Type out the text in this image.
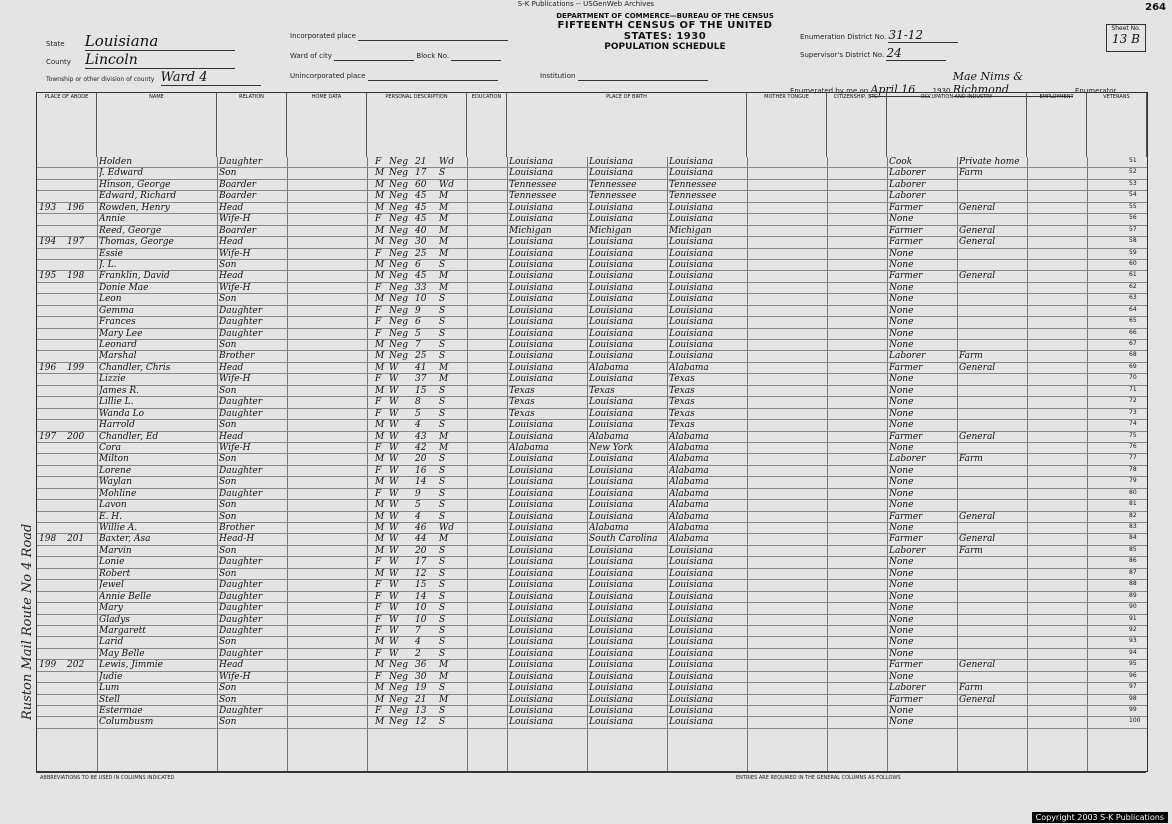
S-K Publications -- USGenWeb Archives	264
State Louisiana
County Lincoln
Township or other division of county Ward 4
Incorporated place
Ward of city	Block No.
Unincorporated place	Institution
DEPARTMENT OF COMMERCE—BUREAU OF THE CENSUS
FIFTEENTH CENSUS OF THE UNITED STATES: 1930
POPULATION SCHEDULE
Enumeration District No. 31-12
Supervisor's District No. 24
Enumerated by me on April 16 1930 Mae Nims & Richmond	Enumerator.
Sheet No.
13 B
PLACE OF ABODE	NAME	RELATION	HOME DATA	PERSONAL DESCRIPTION	EDUCATION	PLACE OF BIRTH	MOTHER TONGUE	CITIZENSHIP, ETC.	OCCUPATION AND INDUSTRY	EMPLOYMENT	VETERANS
51
Holden	Daughter	F Neg 21	Wd	Louisiana	Louisiana	Louisiana	Cook	Private home
52
J. Edward	Son	M Neg 17	S	Louisiana	Louisiana	Louisiana	Laborer	Farm
53
Hinson, George	Boarder	M Neg 60	Wd	Tennessee	Tennessee	Tennessee	Laborer
54
Edward, Richard	Boarder	M Neg 45	M	Tennessee	Tennessee	Tennessee	Laborer
55
193	196	Rowden, Henry	Head	M Neg 45	M	Louisiana	Louisiana	Louisiana	Farmer	General
56
Annie	Wife-H	F Neg 45	M	Louisiana	Louisiana	Louisiana	None
57
Reed, George	Boarder	M Neg 40	M	Michigan	Michigan	Michigan	Farmer	General
58
194	197	Thomas, George	Head	M Neg 30	M	Louisiana	Louisiana	Louisiana	Farmer	General
59
Essie	Wife-H	F Neg 25	M	Louisiana	Louisiana	Louisiana	None
60
J. L.	Son	M Neg 6	S	Louisiana	Louisiana	Louisiana	None
61
195	198	Franklin, David	Head	M Neg 45	M	Louisiana	Louisiana	Louisiana	Farmer	General
62
Donie Mae	Wife-H	F Neg 33	M	Louisiana	Louisiana	Louisiana	None
63
Leon	Son	M Neg 10	S	Louisiana	Louisiana	Louisiana	None
64
Gemma	Daughter	F Neg 9	S	Louisiana	Louisiana	Louisiana	None
65
Frances	Daughter	F Neg 6	S	Louisiana	Louisiana	Louisiana	None
66
Mary Lee	Daughter	F Neg 5	S	Louisiana	Louisiana	Louisiana	None
67
Leonard	Son	M Neg 7	S	Louisiana	Louisiana	Louisiana	None
68
Marshal	Brother	M Neg 25	S	Louisiana	Louisiana	Louisiana	Laborer	Farm
69
196	199	Chandler, Chris	Head	M W	41	M	Louisiana	Alabama	Alabama	Farmer	General
70
Lizzie	Wife-H	F W	37	M	Louisiana	Louisiana	Texas	None
71
James R.	Son	M W	15	S	Texas	Texas	Texas	None
72
Lillie L.	Daughter	F W	8	S	Texas	Louisiana	Texas	None
73
Wanda Lo	Daughter	F W	5	S	Texas	Louisiana	Texas	None
74
Harrold	Son	M W	4	S	Louisiana	Louisiana	Texas	None
75
197	200	Chandler, Ed	Head	M W	43	M	Louisiana	Alabama	Alabama	Farmer	General
76
Cora	Wife-H	F W	42	M	Alabama	New York	Alabama	None
77
Milton	Son	M W	20	S	Louisiana	Louisiana	Alabama	Laborer	Farm
78
Lorene	Daughter	F W	16	S	Louisiana	Louisiana	Alabama	None
79
Waylan	Son	M W	14	S	Louisiana	Louisiana	Alabama	None
80
Mohline	Daughter	F W	9	S	Louisiana	Louisiana	Alabama	None
81
Lavon	Son	M W	5	S	Louisiana	Louisiana	Alabama	None
82
E. H.	Son	M W	4	S	Louisiana	Louisiana	Alabama	Farmer	General
83
Willie A.	Brother	M W	46	Wd	Louisiana	Alabama	Alabama	None
84
198	201	Baxter, Asa	Head-H	M W	44	M	Louisiana	South Carolina	Alabama	Farmer	General
85
Marvin	Son	M W	20	S	Louisiana	Louisiana	Louisiana	Laborer	Farm
86
Lonie	Daughter	F W	17	S	Louisiana	Louisiana	Louisiana	None
87
Robert	Son	M W	12	S	Louisiana	Louisiana	Louisiana	None
88
Jewel	Daughter	F W	15	S	Louisiana	Louisiana	Louisiana	None
89
Annie Belle	Daughter	F W	14	S	Louisiana	Louisiana	Louisiana	None
90
Mary	Daughter	F W	10	S	Louisiana	Louisiana	Louisiana	None
91
Gladys	Daughter	F W	10	S	Louisiana	Louisiana	Louisiana	None
92
Margarett	Daughter	F W	7	S	Louisiana	Louisiana	Louisiana	None
93
Larid	Son	M W	4	S	Louisiana	Louisiana	Louisiana	None
94
May Belle	Daughter	F W	2	S	Louisiana	Louisiana	Louisiana	None
95
199	202	Lewis, Jimmie	Head	M Neg 36	M	Louisiana	Louisiana	Louisiana	Farmer	General
96
Judie	Wife-H	F Neg 30	M	Louisiana	Louisiana	Louisiana	None
97
Lum	Son	M Neg 19	S	Louisiana	Louisiana	Louisiana	Laborer	Farm
98
Stell	Son	M Neg 21	M	Louisiana	Louisiana	Louisiana	Farmer	General
99
Estermae	Daughter	F Neg 13	S	Louisiana	Louisiana	Louisiana	None
100
Columbusm	Son	M Neg 12	S	Louisiana	Louisiana	Louisiana	None
Ruston Mail Route No 4 Road
ABBREVIATIONS TO BE USED IN COLUMNS INDICATED	ENTRIES ARE REQUIRED IN THE GENERAL COLUMNS AS FOLLOWS
Copyright 2003 S-K Publications
